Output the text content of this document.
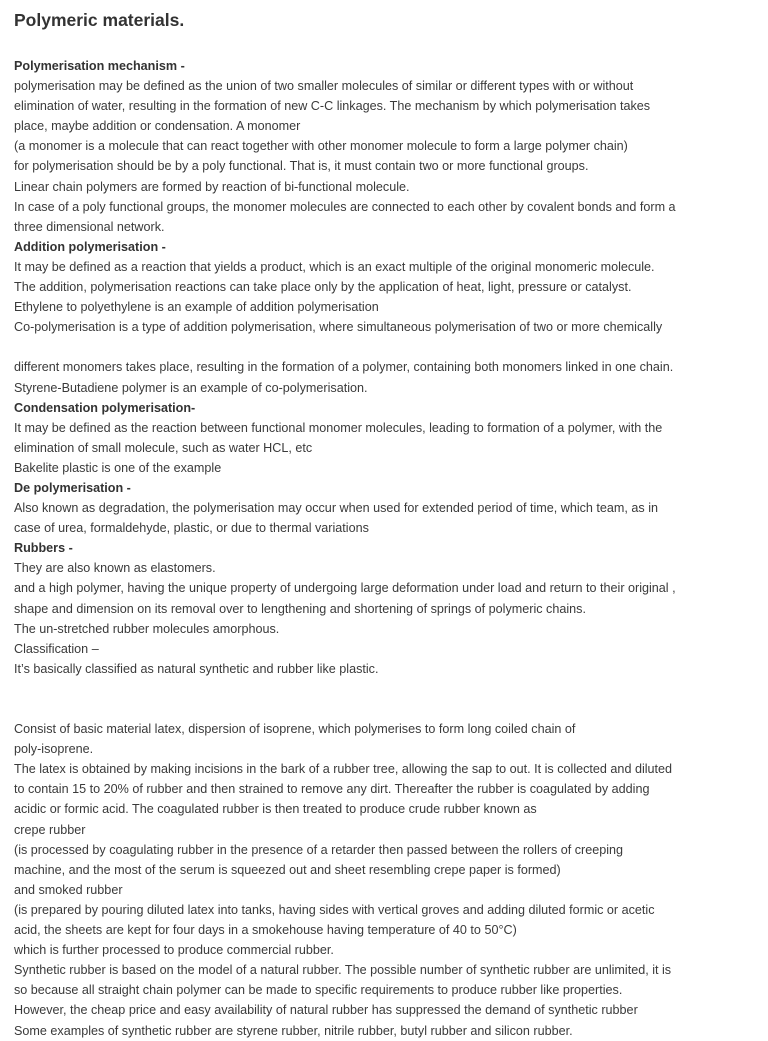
Polymeric materials.
Polymerisation mechanism -
polymerisation may be defined as the union of two smaller molecules of similar or different types with or without
elimination of water, resulting in the formation of new C-C linkages. The mechanism by which polymerisation takes
place, maybe addition or condensation. A monomer
(a monomer is a molecule that can react together with other monomer molecule to form a large polymer chain)
for polymerisation should be by a poly functional. That is, it must contain two or more functional groups.
Linear chain polymers are formed by reaction of bi-functional molecule.
In case of a poly functional groups, the monomer molecules are connected to each other by covalent bonds and form a
three dimensional network.
Addition polymerisation -
It may be defined as a reaction that yields a product, which is an exact multiple of the original monomeric molecule.
The addition, polymerisation reactions can take place only by the application of heat, light, pressure or catalyst.
Ethylene to polyethylene is an example of addition polymerisation
Co-polymerisation is a type of addition polymerisation, where simultaneous polymerisation of two or more chemically
different monomers takes place, resulting in the formation of a polymer, containing both monomers linked in one chain.
Styrene-Butadiene polymer is an example of co-polymerisation.
Condensation polymerisation-
It may be defined as the reaction between functional monomer molecules, leading to formation of a polymer, with the
elimination of small molecule, such as water HCL, etc
Bakelite plastic is one of the example
De polymerisation -
Also known as degradation, the polymerisation may occur when used for extended period of time, which team, as in
case of urea, formaldehyde, plastic, or due to thermal variations
Rubbers -
They are also known as elastomers.
and a high polymer, having the unique property of undergoing large deformation under load and return to their original ,
shape and dimension on its removal over to lengthening and shortening of springs of polymeric chains.
The un-stretched rubber molecules amorphous.
Classification –
It’s basically classified as natural synthetic and rubber like plastic.
Consist of basic material latex, dispersion of isoprene, which polymerises to form long coiled chain of
poly-isoprene.
The latex is obtained by making incisions in the bark of a rubber tree, allowing the sap to out. It is collected and diluted
to contain 15 to 20% of rubber and then strained to remove any dirt. Thereafter the rubber is coagulated by adding
acidic or formic acid. The coagulated rubber is then treated to produce crude rubber known as
crepe rubber
(is processed by coagulating rubber in the presence of a retarder then passed between the rollers of creeping
machine, and the most of the serum is squeezed out and sheet resembling crepe paper is formed)
and smoked rubber
(is prepared by pouring diluted latex into tanks, having sides with vertical groves and adding diluted formic or acetic
acid, the sheets are kept for four days in a smokehouse having temperature of 40 to 50°C)
which is further processed to produce commercial rubber.
Synthetic rubber is based on the model of a natural rubber. The possible number of synthetic rubber are unlimited, it is
so because all straight chain polymer can be made to specific requirements to produce rubber like properties.
However, the cheap price and easy availability of natural rubber has suppressed the demand of synthetic rubber
Some examples of synthetic rubber are styrene rubber, nitrile rubber, butyl rubber and silicon rubber.
